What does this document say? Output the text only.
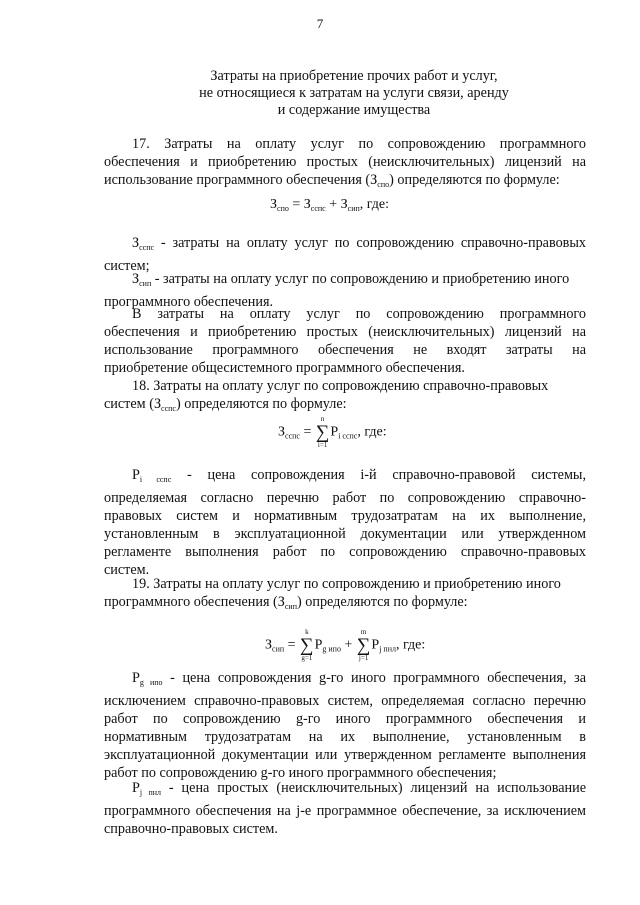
7
Затраты на приобретение прочих работ и услуг,
не относящиеся к затратам на услуги связи, аренду
и содержание имущества
17. Затраты на оплату услуг по сопровождению программного
обеспечения и приобретению простых (неисключительных) лицензий на
использование программного обеспечения $(З_{спо})$ определяются по формуле:
$З_{спо} = З_{сспс} + З_{сип}$, где:
$З_{сспс}$ - затраты на оплату услуг по сопровождению справочно-правовых
систем;
$З_{сип}$ - затраты на оплату услуг по сопровождению и приобретению иного
программного обеспечения.
В затраты на оплату услуг по сопровождению программного
обеспечения и приобретению простых (неисключительных) лицензий на
использование программного обеспечения не входят затраты на
приобретение общесистемного программного обеспечения.
18. Затраты на оплату услуг по сопровождению справочно-правовых
систем $(З_{сспс})$ определяются по формуле:
$З_{сспс}$ =
n
∑
i=1
$P_{i сспс}$, где:
$P_{i сспс}$ - цена сопровождения i-й справочно-правовой системы,
определяемая согласно перечню работ по сопровождению справочно-
правовых систем и нормативным трудозатратам на их выполнение,
установленным в эксплуатационной документации или утвержденном
регламенте выполнения работ по сопровождению справочно-правовых
систем.
19. Затраты на оплату услуг по сопровождению и приобретению иного
программного обеспечения $(З_{сип})$ определяются по формуле:
$З_{сип}$ =
k
∑
g=1
$P_{g ипо}$ +
m
∑
j=1
$P_{j пнл}$, где:
$P_{g ипо}$ - цена сопровождения g-го иного программного обеспечения, за
исключением справочно-правовых систем, определяемая согласно перечню
работ по сопровождению g-го иного программного обеспечения и
нормативным трудозатратам на их выполнение, установленным в
эксплуатационной документации или утвержденном регламенте выполнения
работ по сопровождению g-го иного программного обеспечения;
$P_{j пнл}$ - цена простых (неисключительных) лицензий на использование
программного обеспечения на j-е программное обеспечение, за исключением
справочно-правовых систем.
